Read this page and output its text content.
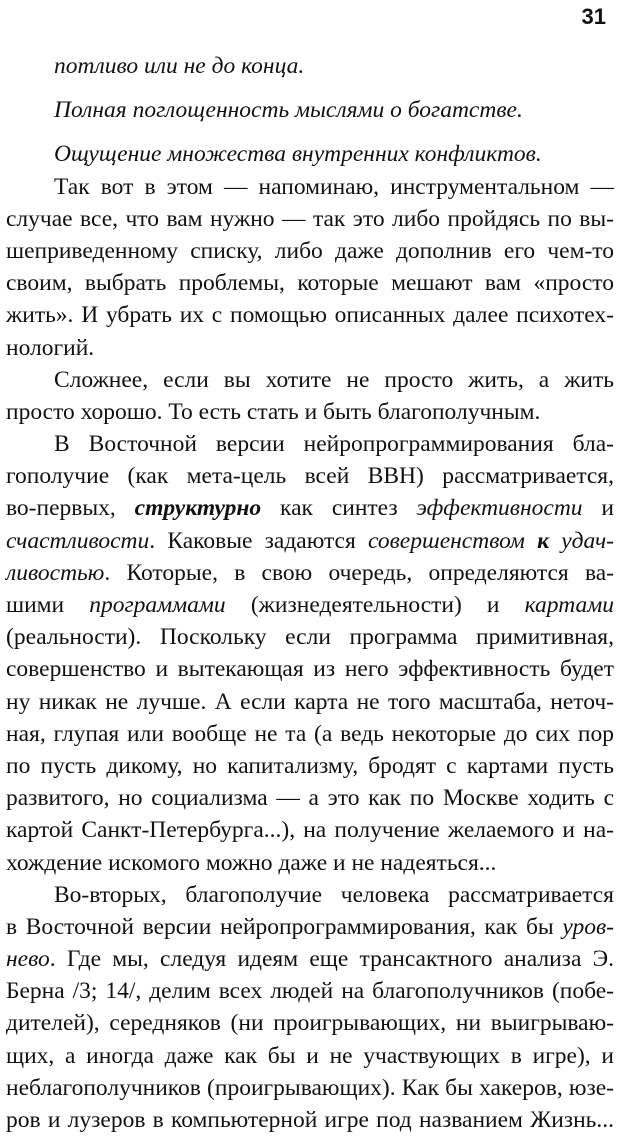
31
потливо или не до конца.
Полная поглощенность мыслями о богатстве.
Ощущение множества внутренних конфликтов.
Так вот в этом — напоминаю, инструментальном —
случае все, что вам нужно — так это либо пройдясь по вы-
шеприведенному списку, либо даже дополнив его чем-то
своим, выбрать проблемы, которые мешают вам «просто
жить». И убрать их с помощью описанных далее психотех-
нологий.
Сложнее, если вы хотите не просто жить, а жить
просто хорошо. То есть стать и быть благополучным.
В Восточной версии нейропрограммирования бла-
гополучие (как мета-цель всей ВВН) рассматривается,
во-первых, структурно как синтез эффективности и
счастливости. Каковые задаются совершенством к удач-
ливостью. Которые, в свою очередь, определяются ва-
шими программами (жизнедеятельности) и картами
(реальности). Поскольку если программа примитивная,
совершенство и вытекающая из него эффективность будет
ну никак не лучше. А если карта не того масштаба, неточ-
ная, глупая или вообще не та (а ведь некоторые до сих пор
по пусть дикому, но капитализму, бродят с картами пусть
развитого, но социализма — а это как по Москве ходить с
картой Санкт-Петербурга...), на получение желаемого и на-
хождение искомого можно даже и не надеяться...
Во-вторых, благополучие человека рассматривается
в Восточной версии нейропрограммирования, как бы уров-
нево. Где мы, следуя идеям еще трансактного анализа Э.
Берна /3; 14/, делим всех людей на благополучников (побе-
дителей), середняков (ни проигрывающих, ни выигрываю-
щих, а иногда даже как бы и не участвующих в игре), и
неблагополучников (проигрывающих). Как бы хакеров, юзе-
ров и лузеров в компьютерной игре под названием Жизнь...
